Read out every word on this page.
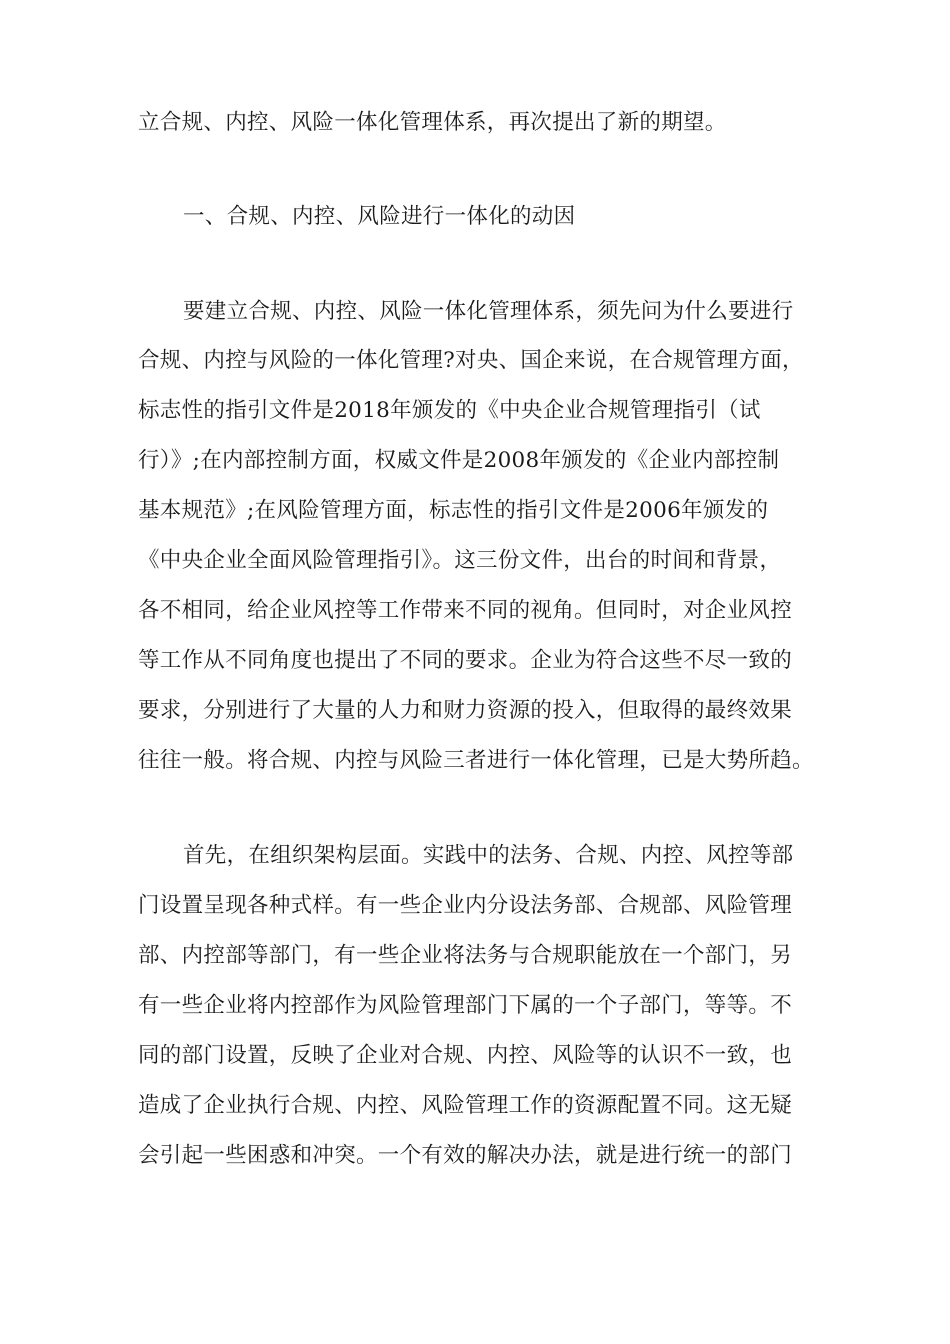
立合规、内控、风险一体化管理体系，再次提出了新的期望。
一、合规、内控、风险进行一体化的动因
要建立合规、内控、风险一体化管理体系，须先问为什么要进行
合规、内控与风险的一体化管理?对央、国企来说，在合规管理方面，
标志性的指引文件是2018年颁发的《中央企业合规管理指引（试
行）》;在内部控制方面，权威文件是2008年颁发的《企业内部控制
基本规范》;在风险管理方面，标志性的指引文件是2006年颁发的
《中央企业全面风险管理指引》。这三份文件，出台的时间和背景，
各不相同，给企业风控等工作带来不同的视角。但同时，对企业风控
等工作从不同角度也提出了不同的要求。企业为符合这些不尽一致的
要求，分别进行了大量的人力和财力资源的投入，但取得的最终效果
往往一般。将合规、内控与风险三者进行一体化管理，已是大势所趋。
首先，在组织架构层面。实践中的法务、合规、内控、风控等部
门设置呈现各种式样。有一些企业内分设法务部、合规部、风险管理
部、内控部等部门，有一些企业将法务与合规职能放在一个部门，另
有一些企业将内控部作为风险管理部门下属的一个子部门，等等。不
同的部门设置，反映了企业对合规、内控、风险等的认识不一致，也
造成了企业执行合规、内控、风险管理工作的资源配置不同。这无疑
会引起一些困惑和冲突。一个有效的解决办法，就是进行统一的部门
